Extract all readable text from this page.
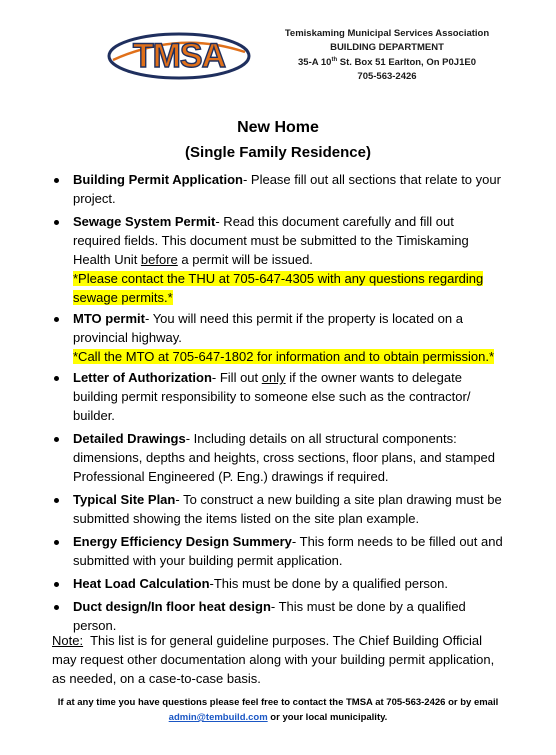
TMSA
Temiskaming Municipal Services Association
BUILDING DEPARTMENT
35-A 10th St. Box 51 Earlton, On P0J1E0
705-563-2426
New Home
(Single Family Residence)
Building Permit Application- Please fill out all sections that relate to your project.
Sewage System Permit- Read this document carefully and fill out required fields. This document must be submitted to the Timiskaming Health Unit before a permit will be issued.
*Please contact the THU at 705-647-4305 with any questions regarding sewage permits.*
MTO permit- You will need this permit if the property is located on a provincial highway.
*Call the MTO at 705-647-1802 for information and to obtain permission.*
Letter of Authorization- Fill out only if the owner wants to delegate building permit responsibility to someone else such as the contractor/ builder.
Detailed Drawings- Including details on all structural components: dimensions, depths and heights, cross sections, floor plans, and stamped Professional Engineered (P. Eng.) drawings if required.
Typical Site Plan- To construct a new building a site plan drawing must be submitted showing the items listed on the site plan example.
Energy Efficiency Design Summery- This form needs to be filled out and submitted with your building permit application.
Heat Load Calculation-This must be done by a qualified person.
Duct design/In floor heat design- This must be done by a qualified person.
Note:  This list is for general guideline purposes. The Chief Building Official may request other documentation along with your building permit application, as needed, on a case-to-case basis.
If at any time you have questions please feel free to contact the TMSA at 705-563-2426 or by email admin@tembuild.com or your local municipality.
